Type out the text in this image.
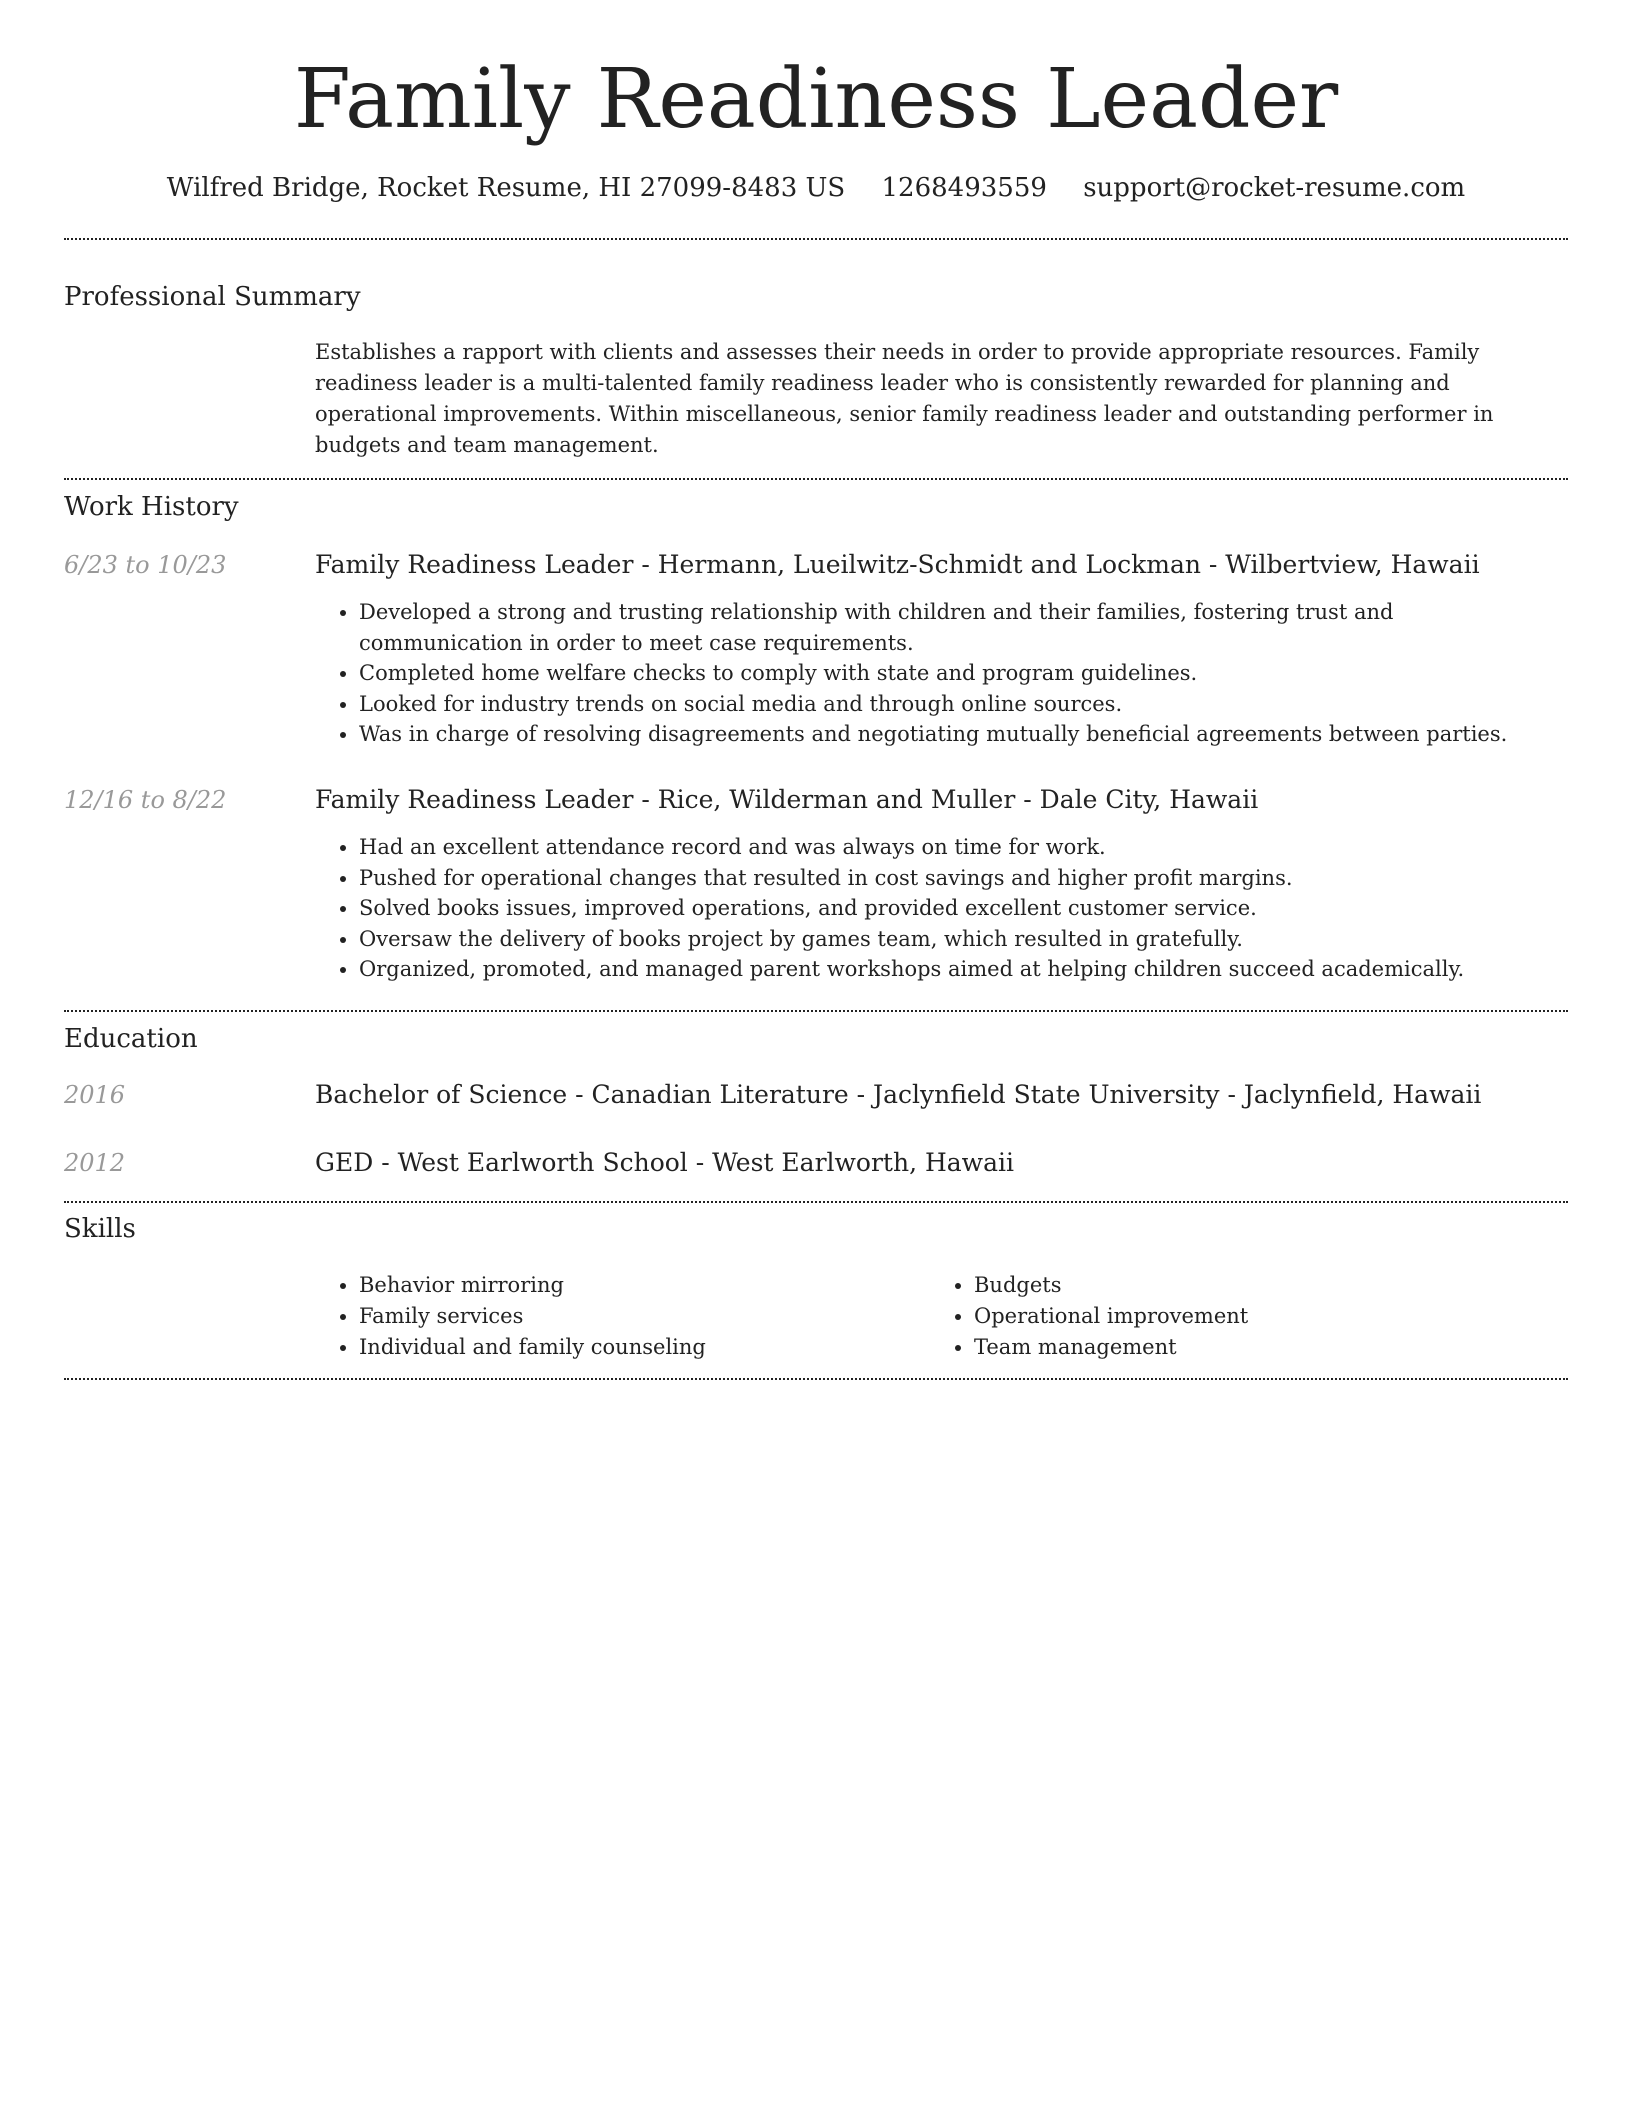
Family Readiness Leader
Wilfred Bridge, Rocket Resume, HI 27099-8483 US 1268493559 support@rocket-resume.com
Professional Summary

Establishes a rapport with clients and assesses their needs in order to provide appropriate resources. Family readiness leader is a multi-talented family readiness leader who is consistently rewarded for planning and operational improvements. Within miscellaneous, senior family readiness leader and outstanding performer in budgets and team management.

Work History
6/23 to 10/23	Family Readiness Leader - Hermann, Lueilwitz-Schmidt and Lockman - Wilbertview, Hawaii
• Developed a strong and trusting relationship with children and their families, fostering trust and communication in order to meet case requirements.
• Completed home welfare checks to comply with state and program guidelines.
• Looked for industry trends on social media and through online sources.
• Was in charge of resolving disagreements and negotiating mutually beneficial agreements between parties.
12/16 to 8/22	Family Readiness Leader - Rice, Wilderman and Muller - Dale City, Hawaii
• Had an excellent attendance record and was always on time for work.
• Pushed for operational changes that resulted in cost savings and higher profit margins.
• Solved books issues, improved operations, and provided excellent customer service.
• Oversaw the delivery of books project by games team, which resulted in gratefully.
• Organized, promoted, and managed parent workshops aimed at helping children succeed academically.
Education
2016	Bachelor of Science - Canadian Literature - Jaclynfield State University - Jaclynfield, Hawaii
2012	GED - West Earlworth School - West Earlworth, Hawaii
Skills
• Behavior mirroring
• Family services
• Individual and family counseling
• Budgets
• Operational improvement
• Team management
